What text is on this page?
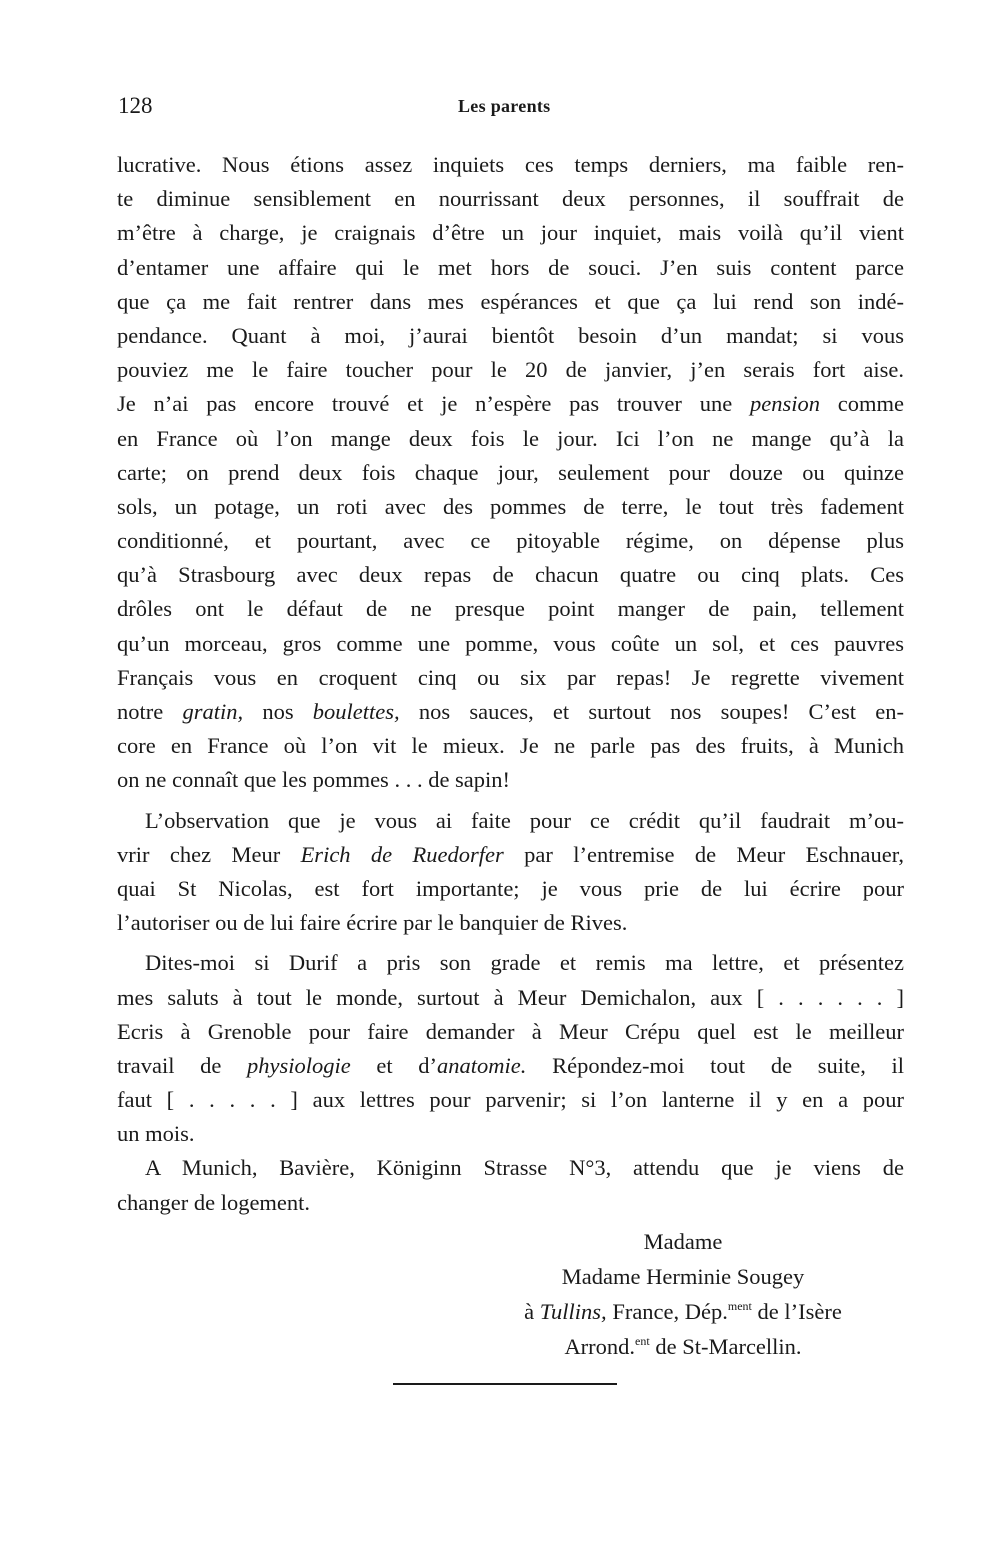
128	Les parents
lucrative. Nous étions assez inquiets ces temps derniers, ma faible ren-
te diminue sensiblement en nourrissant deux personnes, il souffrait de
m’être à charge, je craignais d’être un jour inquiet, mais voilà qu’il vient
d’entamer une affaire qui le met hors de souci. J’en suis content parce
que ça me fait rentrer dans mes espérances et que ça lui rend son indé-
pendance. Quant à moi, j’aurai bientôt besoin d’un mandat; si vous
pouviez me le faire toucher pour le 20 de janvier, j’en serais fort aise.
Je n’ai pas encore trouvé et je n’espère pas trouver une pension comme
en France où l’on mange deux fois le jour. Ici l’on ne mange qu’à la
carte; on prend deux fois chaque jour, seulement pour douze ou quinze
sols, un potage, un roti avec des pommes de terre, le tout très fadement
conditionné, et pourtant, avec ce pitoyable régime, on dépense plus
qu’à Strasbourg avec deux repas de chacun quatre ou cinq plats. Ces
drôles ont le défaut de ne presque point manger de pain, tellement
qu’un morceau, gros comme une pomme, vous coûte un sol, et ces pauvres
Français vous en croquent cinq ou six par repas! Je regrette vivement
notre gratin, nos boulettes, nos sauces, et surtout nos soupes! C’est en-
core en France où l’on vit le mieux. Je ne parle pas des fruits, à Munich
on ne connaît que les pommes . . . de sapin!
L’observation que je vous ai faite pour ce crédit qu’il faudrait m’ou-
vrir chez Meur Erich de Ruedorfer par l’entremise de Meur Eschnauer,
quai St Nicolas, est fort importante; je vous prie de lui écrire pour
l’autoriser ou de lui faire écrire par le banquier de Rives.
Dites-moi si Durif a pris son grade et remis ma lettre, et présentez
mes saluts à tout le monde, surtout à Meur Demichalon, aux [ . . . . . . ]
Ecris à Grenoble pour faire demander à Meur Crépu quel est le meilleur
travail de physiologie et d’anatomie. Répondez-moi tout de suite, il
faut [ . . . . . ] aux lettres pour parvenir; si l’on lanterne il y en a pour
un mois.
A Munich, Bavière, Königinn Strasse N°3, attendu que je viens de
changer de logement.
Madame
Madame Herminie Sougey
à Tullins, France, Dép.$^{ment}$ de l’Isère
Arrond.$^{ent}$ de St-Marcellin.
